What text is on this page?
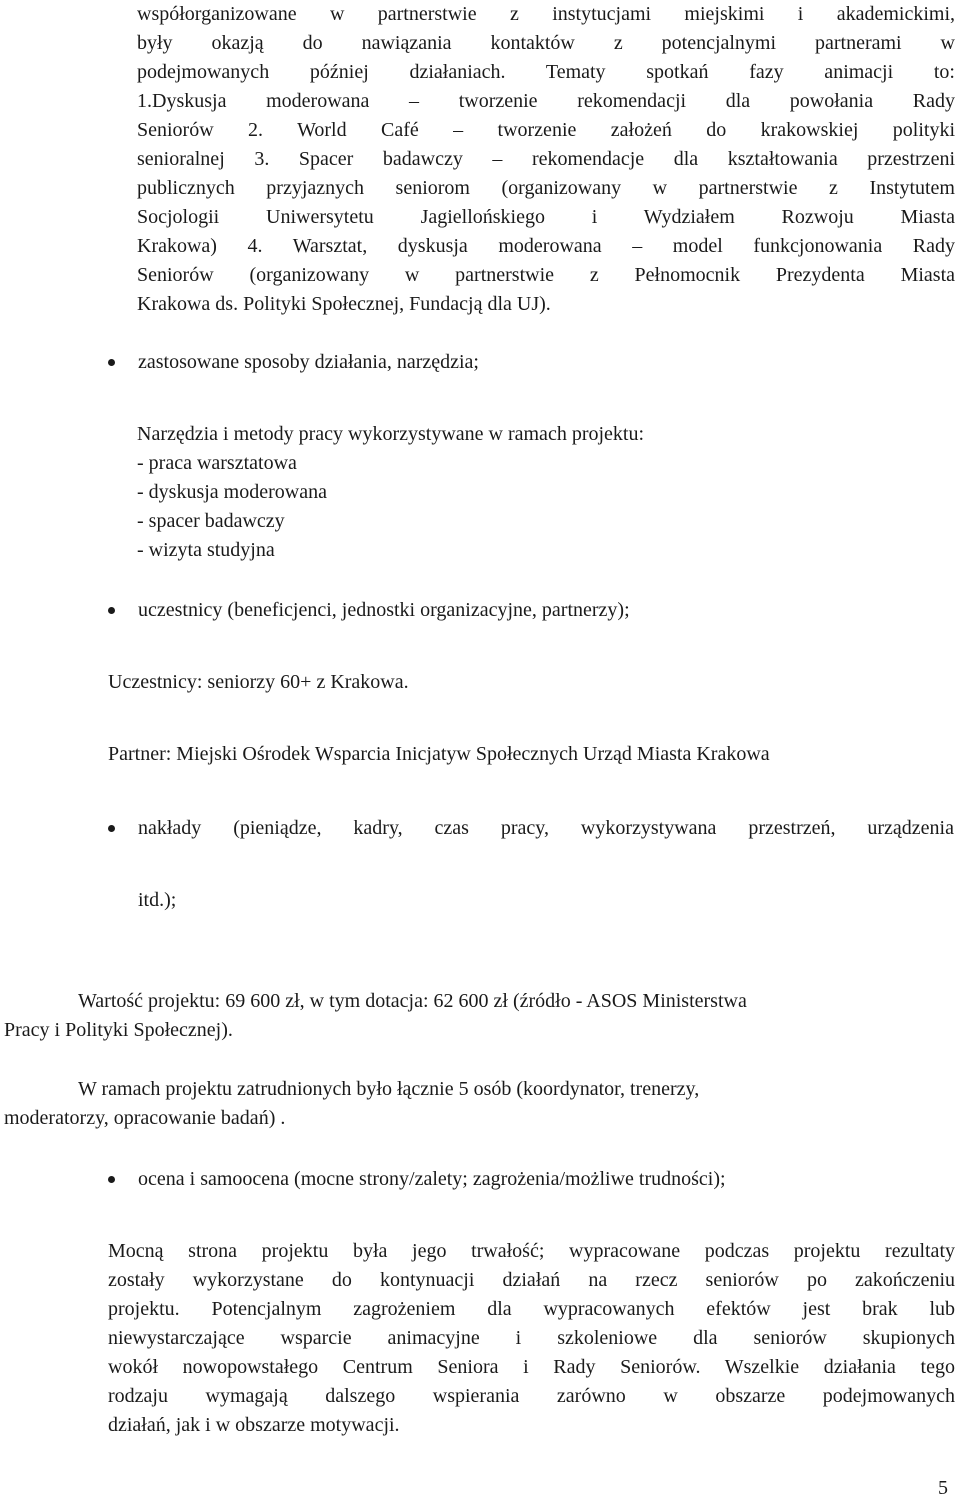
współorganizowane w partnerstwie z instytucjami miejskimi i akademickimi,

były okazją do nawiązania kontaktów z potencjalnymi partnerami w

podejmowanych później działaniach. Tematy spotkań fazy animacji to:

1.Dyskusja moderowana – tworzenie rekomendacji dla powołania Rady

Seniorów 2. World Café – tworzenie założeń do krakowskiej polityki

senioralnej 3. Spacer badawczy – rekomendacje dla kształtowania przestrzeni

publicznych przyjaznych seniorom (organizowany w partnerstwie z Instytutem

Socjologii Uniwersytetu Jagiellońskiego i Wydziałem Rozwoju Miasta

Krakowa) 4. Warsztat, dyskusja moderowana – model funkcjonowania Rady

Seniorów (organizowany w partnerstwie z Pełnomocnik Prezydenta Miasta

Krakowa ds. Polityki Społecznej, Fundacją dla UJ).

zastosowane sposoby działania, narzędzia;

Narzędzia i metody pracy wykorzystywane w ramach projektu:

- praca warsztatowa

- dyskusja moderowana

- spacer badawczy

- wizyta studyjna

uczestnicy (beneficjenci, jednostki organizacyjne, partnerzy);

Uczestnicy: seniorzy 60+ z Krakowa.

Partner: Miejski Ośrodek Wsparcia Inicjatyw Społecznych Urząd Miasta Krakowa

nakłady (pieniądze, kadry, czas pracy, wykorzystywana przestrzeń, urządzenia

itd.);

Wartość projektu: 69 600 zł, w tym dotacja: 62 600 zł (źródło - ASOS Ministerstwa

Pracy i Polityki Społecznej).

W ramach projektu zatrudnionych było łącznie 5 osób (koordynator, trenerzy,

moderatorzy, opracowanie badań) .

ocena i samoocena (mocne strony/zalety; zagrożenia/możliwe trudności);

Mocną strona projektu była jego trwałość; wypracowane podczas projektu rezultaty

zostały wykorzystane do kontynuacji działań na rzecz seniorów po zakończeniu

projektu. Potencjalnym zagrożeniem dla wypracowanych efektów jest brak lub

niewystarczające wsparcie animacyjne i szkoleniowe dla seniorów skupionych

wokół nowopowstałego Centrum Seniora i Rady Seniorów. Wszelkie działania tego

rodzaju wymagają dalszego wspierania zarówno w obszarze podejmowanych

działań, jak i w obszarze motywacji.

5
